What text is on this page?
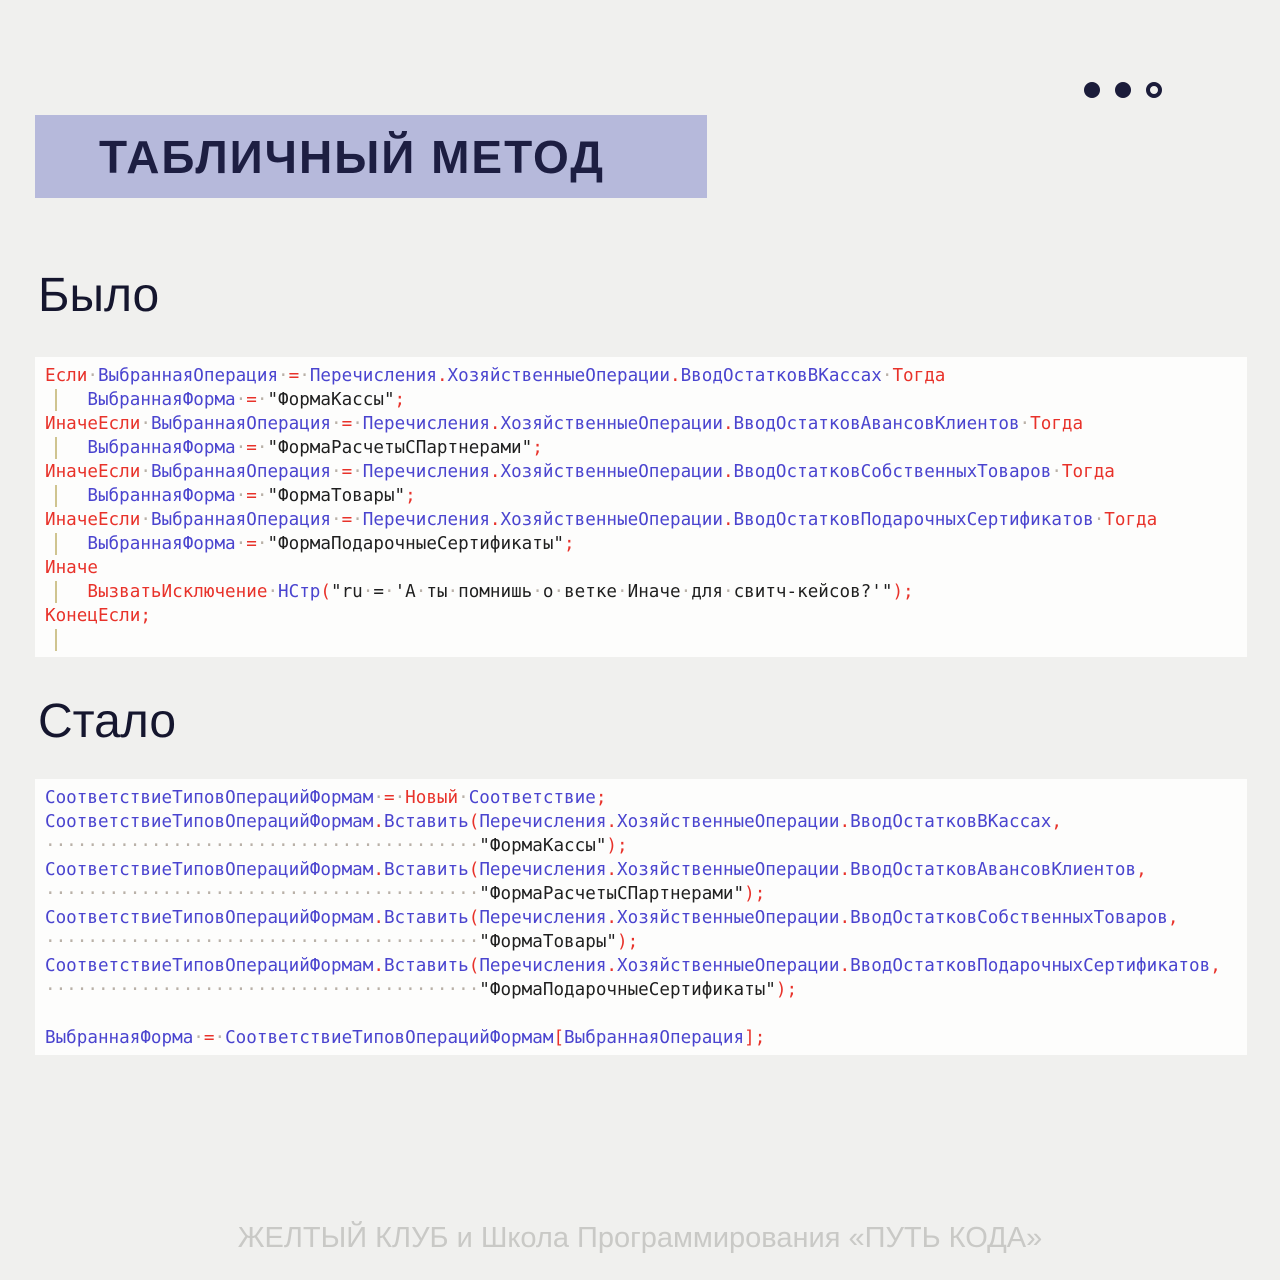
ТАБЛИЧНЫЙ МЕТОД
Было
Если·ВыбраннаяОперация·=·Перечисления.ХозяйственныеОперации.ВводОстатковВКассах·Тогда
ВыбраннаяФорма·=·"ФормаКассы";
ИначеЕсли·ВыбраннаяОперация·=·Перечисления.ХозяйственныеОперации.ВводОстатковАвансовКлиентов·Тогда
ВыбраннаяФорма·=·"ФормаРасчетыСПартнерами";
ИначеЕсли·ВыбраннаяОперация·=·Перечисления.ХозяйственныеОперации.ВводОстатковСобственныхТоваров·Тогда
ВыбраннаяФорма·=·"ФормаТовары";
ИначеЕсли·ВыбраннаяОперация·=·Перечисления.ХозяйственныеОперации.ВводОстатковПодарочныхСертификатов·Тогда
ВыбраннаяФорма·=·"ФормаПодарочныеСертификаты";
Иначе
ВызватьИсключение·НСтр("ru·=·'А·ты·помнишь·о·ветке·Иначе·для·свитч-кейсов?'");
КонецЕсли;
Стало
СоответствиеТиповОперацийФормам·=·Новый·Соответствие;
СоответствиеТиповОперацийФормам.Вставить(Перечисления.ХозяйственныеОперации.ВводОстатковВКассах,
·········································"ФормаКассы");
СоответствиеТиповОперацийФормам.Вставить(Перечисления.ХозяйственныеОперации.ВводОстатковАвансовКлиентов,
·········································"ФормаРасчетыСПартнерами");
СоответствиеТиповОперацийФормам.Вставить(Перечисления.ХозяйственныеОперации.ВводОстатковСобственныхТоваров,
·········································"ФормаТовары");
СоответствиеТиповОперацийФормам.Вставить(Перечисления.ХозяйственныеОперации.ВводОстатковПодарочныхСертификатов,
·········································"ФормаПодарочныеСертификаты");
ВыбраннаяФорма·=·СоответствиеТиповОперацийФормам[ВыбраннаяОперация];
ЖЕЛТЫЙ КЛУБ и Школа Программирования «ПУТЬ КОДА»
